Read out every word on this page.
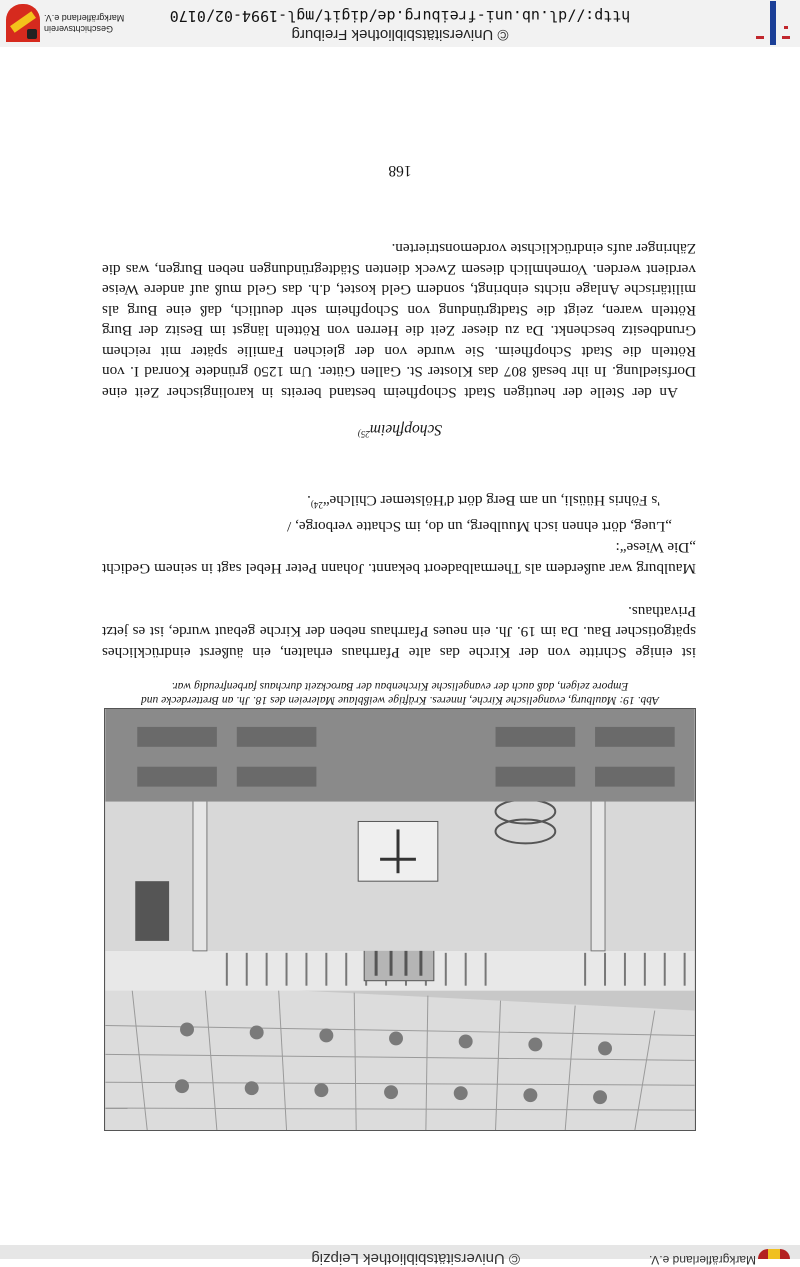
Markgräflerland e.V.
© Universitätsbibliothek Leipzig

Abb. 19: Maulburg, evangelische Kirche, Inneres. Kräftige weißblaue Malereien des 18. Jh. an Bretterdecke und Empore zeigen, daß auch der evangelische Kirchenbau der Barockzeit durchaus farbenfreudig war.

ist einige Schritte von der Kirche das alte Pfarrhaus erhalten, ein äußerst eindrückliches spätgotischer Bau. Da im 19. Jh. ein neues Pfarrhaus neben der Kirche gebaut wurde, ist es jetzt Privathaus.

Maulburg war außerdem als Thermalbadeort bekannt. Johann Peter Hebel sagt in seinem Gedicht „Die Wiese“:

„Lueg, dört ehnen isch Muulberg, un do, im Schatte verborge, /
's Föhris Hüüsli, un am Berg dört d'Hölstemer Chilche“$^{24)}$.

Schopfheim$^{25)}$

An der Stelle der heutigen Stadt Schopfheim bestand bereits in karolingischer Zeit eine Dorfsiedlung. In ihr besaß 807 das Kloster St. Gallen Güter. Um 1250 gründete Konrad I. von Rötteln die Stadt Schopfheim. Sie wurde von der gleichen Familie später mit reichem Grundbesitz beschenkt. Da zu dieser Zeit die Herren von Rötteln längst im Besitz der Burg Rötteln waren, zeigt die Stadtgründung von Schopfheim sehr deutlich, daß eine Burg als militärische Anlage nichts einbringt, sondern Geld kostet, d.h. das Geld muß auf andere Weise verdient werden. Vornehmlich diesem Zweck dienten Städtegründungen neben Burgen, was die Zähringer aufs eindrücklichste vordemonstrierten.

168

© Universitätsbibliothek Freiburg
http://dl.ub.uni-freiburg.de/digit/mgl-1994-02/0170
Geschichtsverein
Markgräflerland e.V.
